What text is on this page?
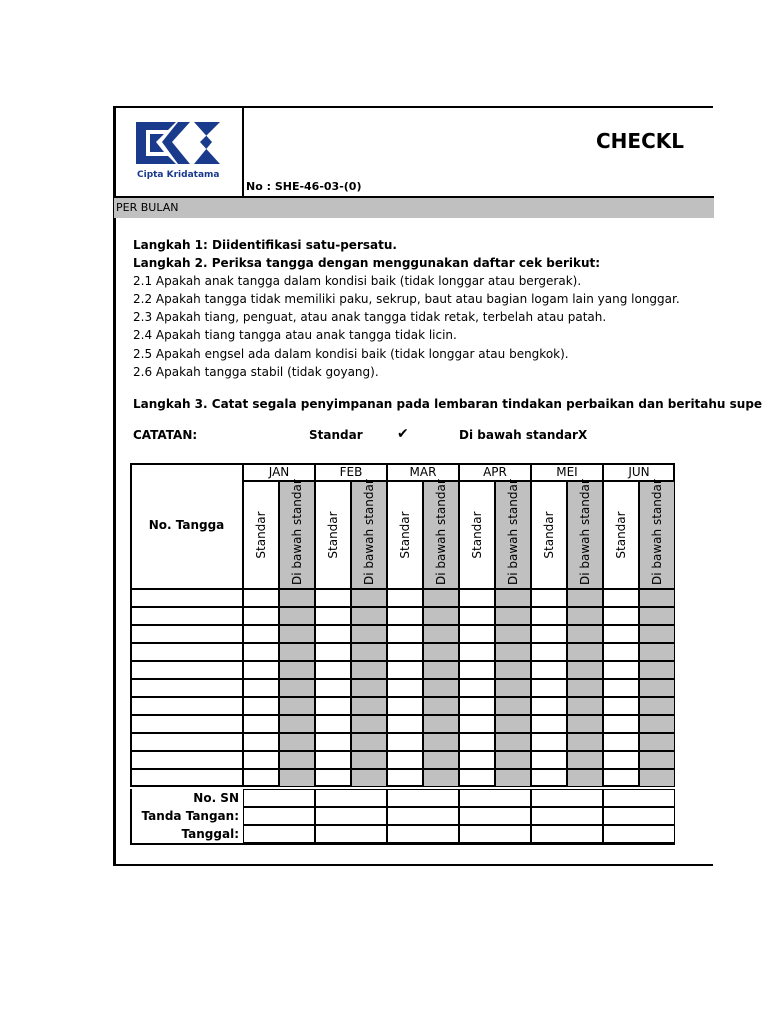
Cipta Kridatama
CHECKL
No : SHE-46-03-(0)
PER BULAN
Langkah 1: Diidentifikasi satu-persatu.
Langkah 2. Periksa tangga dengan menggunakan daftar cek berikut:
2.1 Apakah anak tangga dalam kondisi baik (tidak longgar atau bergerak).
2.2 Apakah tangga tidak memiliki paku, sekrup, baut atau bagian logam lain yang longgar.
2.3 Apakah tiang, penguat, atau anak tangga tidak retak, terbelah atau patah.
2.4 Apakah tiang tangga atau anak tangga tidak licin.
2.5 Apakah engsel ada dalam kondisi baik (tidak longgar atau bengkok).
2.6 Apakah tangga stabil (tidak goyang).
Langkah 3. Catat segala penyimpanan pada lembaran tindakan perbaikan dan beritahu supe
CATATAN:	Standar ✔	Di bawah standar X
No. Tangga
JAN
Standar Di bawah standar
FEB
Standar Di bawah standar
MAR
Standar Di bawah standar
APR
Standar Di bawah standar
MEI
Standar Di bawah standar
JUN
Standar Di bawah standar
No. SN
Tanda Tangan:
Tanggal:
